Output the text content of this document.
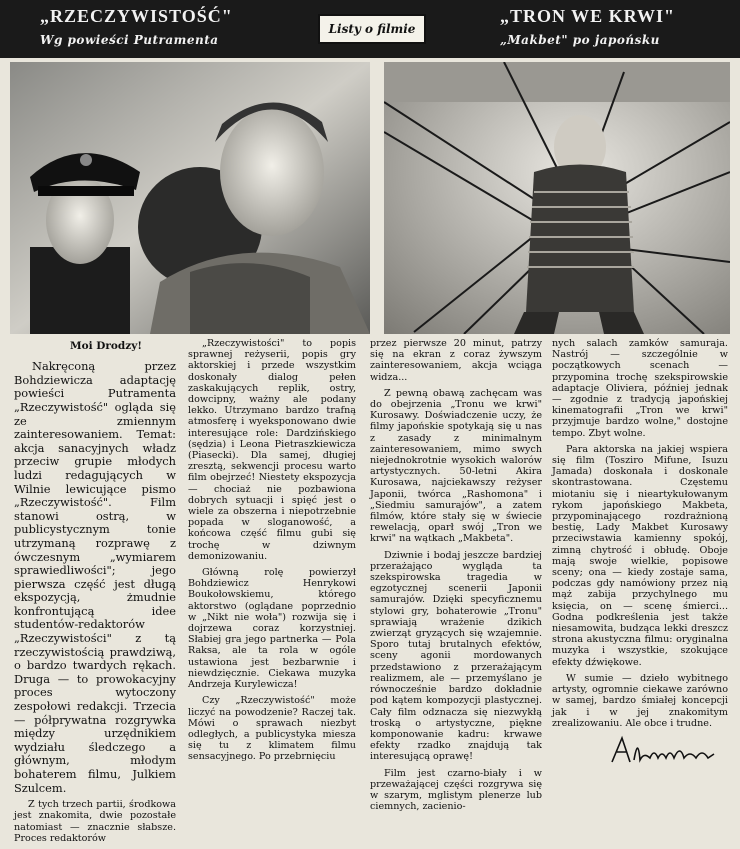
„RZECZYWISTOŚĆ"
Wg powieści Putramenta
Listy o filmie
„TRON WE KRWI"
„Makbet" po japońsku
Moi Drodzy!

Nakręconą przez Bohdziewicza adaptację powieści Putramenta „Rzeczywistość" ogląda się ze zmiennym zainteresowaniem. Temat: akcja sanacyjnych władz przeciw grupie młodych ludzi redagujących w Wilnie lewicujące pismo „Rzeczywistość". Film stanowi ostrą, w publicystycznym tonie utrzymaną rozprawę z ówczesnym „wymiarem sprawiedliwości"; jego pierwsza część jest długą ekspozycją, żmudnie konfrontującą idee studentów-redaktorów „Rzeczywistości" z tą rzeczywistością prawdziwą, o bardzo twardych rękach. Druga — to prowokacyjny proces wytoczony zespołowi redakcji. Trzecia — półprywatna rozgrywka między urzędnikiem wydziału śledczego a głównym, młodym bohaterem filmu, Julkiem Szulcem.

Z tych trzech partii, środkowa jest znakomita, dwie pozostałe natomiast — znacznie słabsze. Proces redaktorów

„Rzeczywistości" to popis sprawnej reżyserii, popis gry aktorskiej i przede wszystkim doskonały dialog pełen zaskakujących replik, ostry, dowcipny, ważny ale podany lekko. Utrzymano bardzo trafną atmosferę i wyeksponowano dwie interesujące role: Dardzińskiego (sędzia) i Leona Pietraszkiewicza (Piasecki). Dla samej, długiej zresztą, sekwencji procesu warto film obejrzeć! Niestety ekspozycja — chociaż nie pozbawiona dobrych sytuacji i spięć jest o wiele za obszerna i niepotrzebnie popada w sloganowość, a końcowa część filmu gubi się trochę w dziwnym demonizowaniu.

Główną rolę powierzył Bohdziewicz Henrykowi Boukołowskiemu, którego aktorstwo (oglądane poprzednio w „Nikt nie woła") rozwija się i dojrzewa coraz korzystniej. Słabiej gra jego partnerka — Pola Raksa, ale ta rola w ogóle ustawiona jest bezbarwnie i niewdzięcznie. Ciekawa muzyka Andrzeja Kurylewicza!

Czy „Rzeczywistość" może liczyć na powodzenie? Raczej tak. Mówi o sprawach niezbyt odległych, a publicystyka miesza się tu z klimatem filmu sensacyjnego. Po przebrnięciu

przez pierwsze 20 minut, patrzy się na ekran z coraz żywszym zainteresowaniem, akcja wciąga widza...

Z pewną obawą zachęcam was do obejrzenia „Tronu we krwi" Kurosawy. Doświadczenie uczy, że filmy japońskie spotykają się u nas z zasady z minimalnym zainteresowaniem, mimo swych niejednokrotnie wysokich walorów artystycznych. 50-letni Akira Kurosawa, najciekawszy reżyser Japonii, twórca „Rashomona" i „Siedmiu samurajów", a zatem filmów, które stały się w świecie rewelacją, oparł swój „Tron we krwi" na wątkach „Makbeta".

Dziwnie i bodaj jeszcze bardziej przerażająco wygląda ta szekspirowska tragedia w egzotycznej scenerii Japonii samurajów. Dzięki specyficznemu stylowi gry, bohaterowie „Tronu" sprawiają wrażenie dzikich zwierząt gryzących się wzajemnie. Sporo tutaj brutalnych efektów, sceny agonii mordowanych przedstawiono z przerażającym realizmem, ale — przemyślano je równocześnie bardzo dokładnie pod kątem kompozycji plastycznej. Cały film odznacza się niezwykłą troską o artystyczne, piękne komponowanie kadru: krwawe efekty rzadko znajdują tak interesującą oprawę!

Film jest czarno-biały i w przeważającej części rozgrywa się w szarym, mglistym plenerze lub ciemnych, zacienio-

nych salach zamków samuraja. Nastrój — szczególnie w początkowych scenach — przypomina trochę szekspirowskie adaptacje Oliviera, później jednak — zgodnie z tradycją japońskiej kinematografii „Tron we krwi" przyjmuje bardzo wolne," dostojne tempo. Zbyt wolne.

Para aktorska na jakiej wspiera się film (Tosziro Mifune, Isuzu Jamada) doskonała i doskonale skontrastowana. Częstemu miotaniu się i nieartykułowanym rykom japońskiego Makbeta, przypominającego rozdrażnioną bestię, Lady Makbet Kurosawy przeciwstawia kamienny spokój, zimną chytrość i obłudę. Oboje mają swoje wielkie, popisowe sceny; ona — kiedy zostaje sama, podczas gdy namówiony przez nią mąż zabija przychylnego mu księcia, on — scenę śmierci... Godna podkreślenia jest także niesamowita, budząca lekki dreszcz strona akustyczna filmu: oryginalna muzyka i wszystkie, szokujące efekty dźwiękowe.

W sumie — dzieło wybitnego artysty, ogromnie ciekawe zarówno w samej, bardzo śmiałej koncepcji jak i w jej znakomitym zrealizowaniu. Ale obce i trudne.
